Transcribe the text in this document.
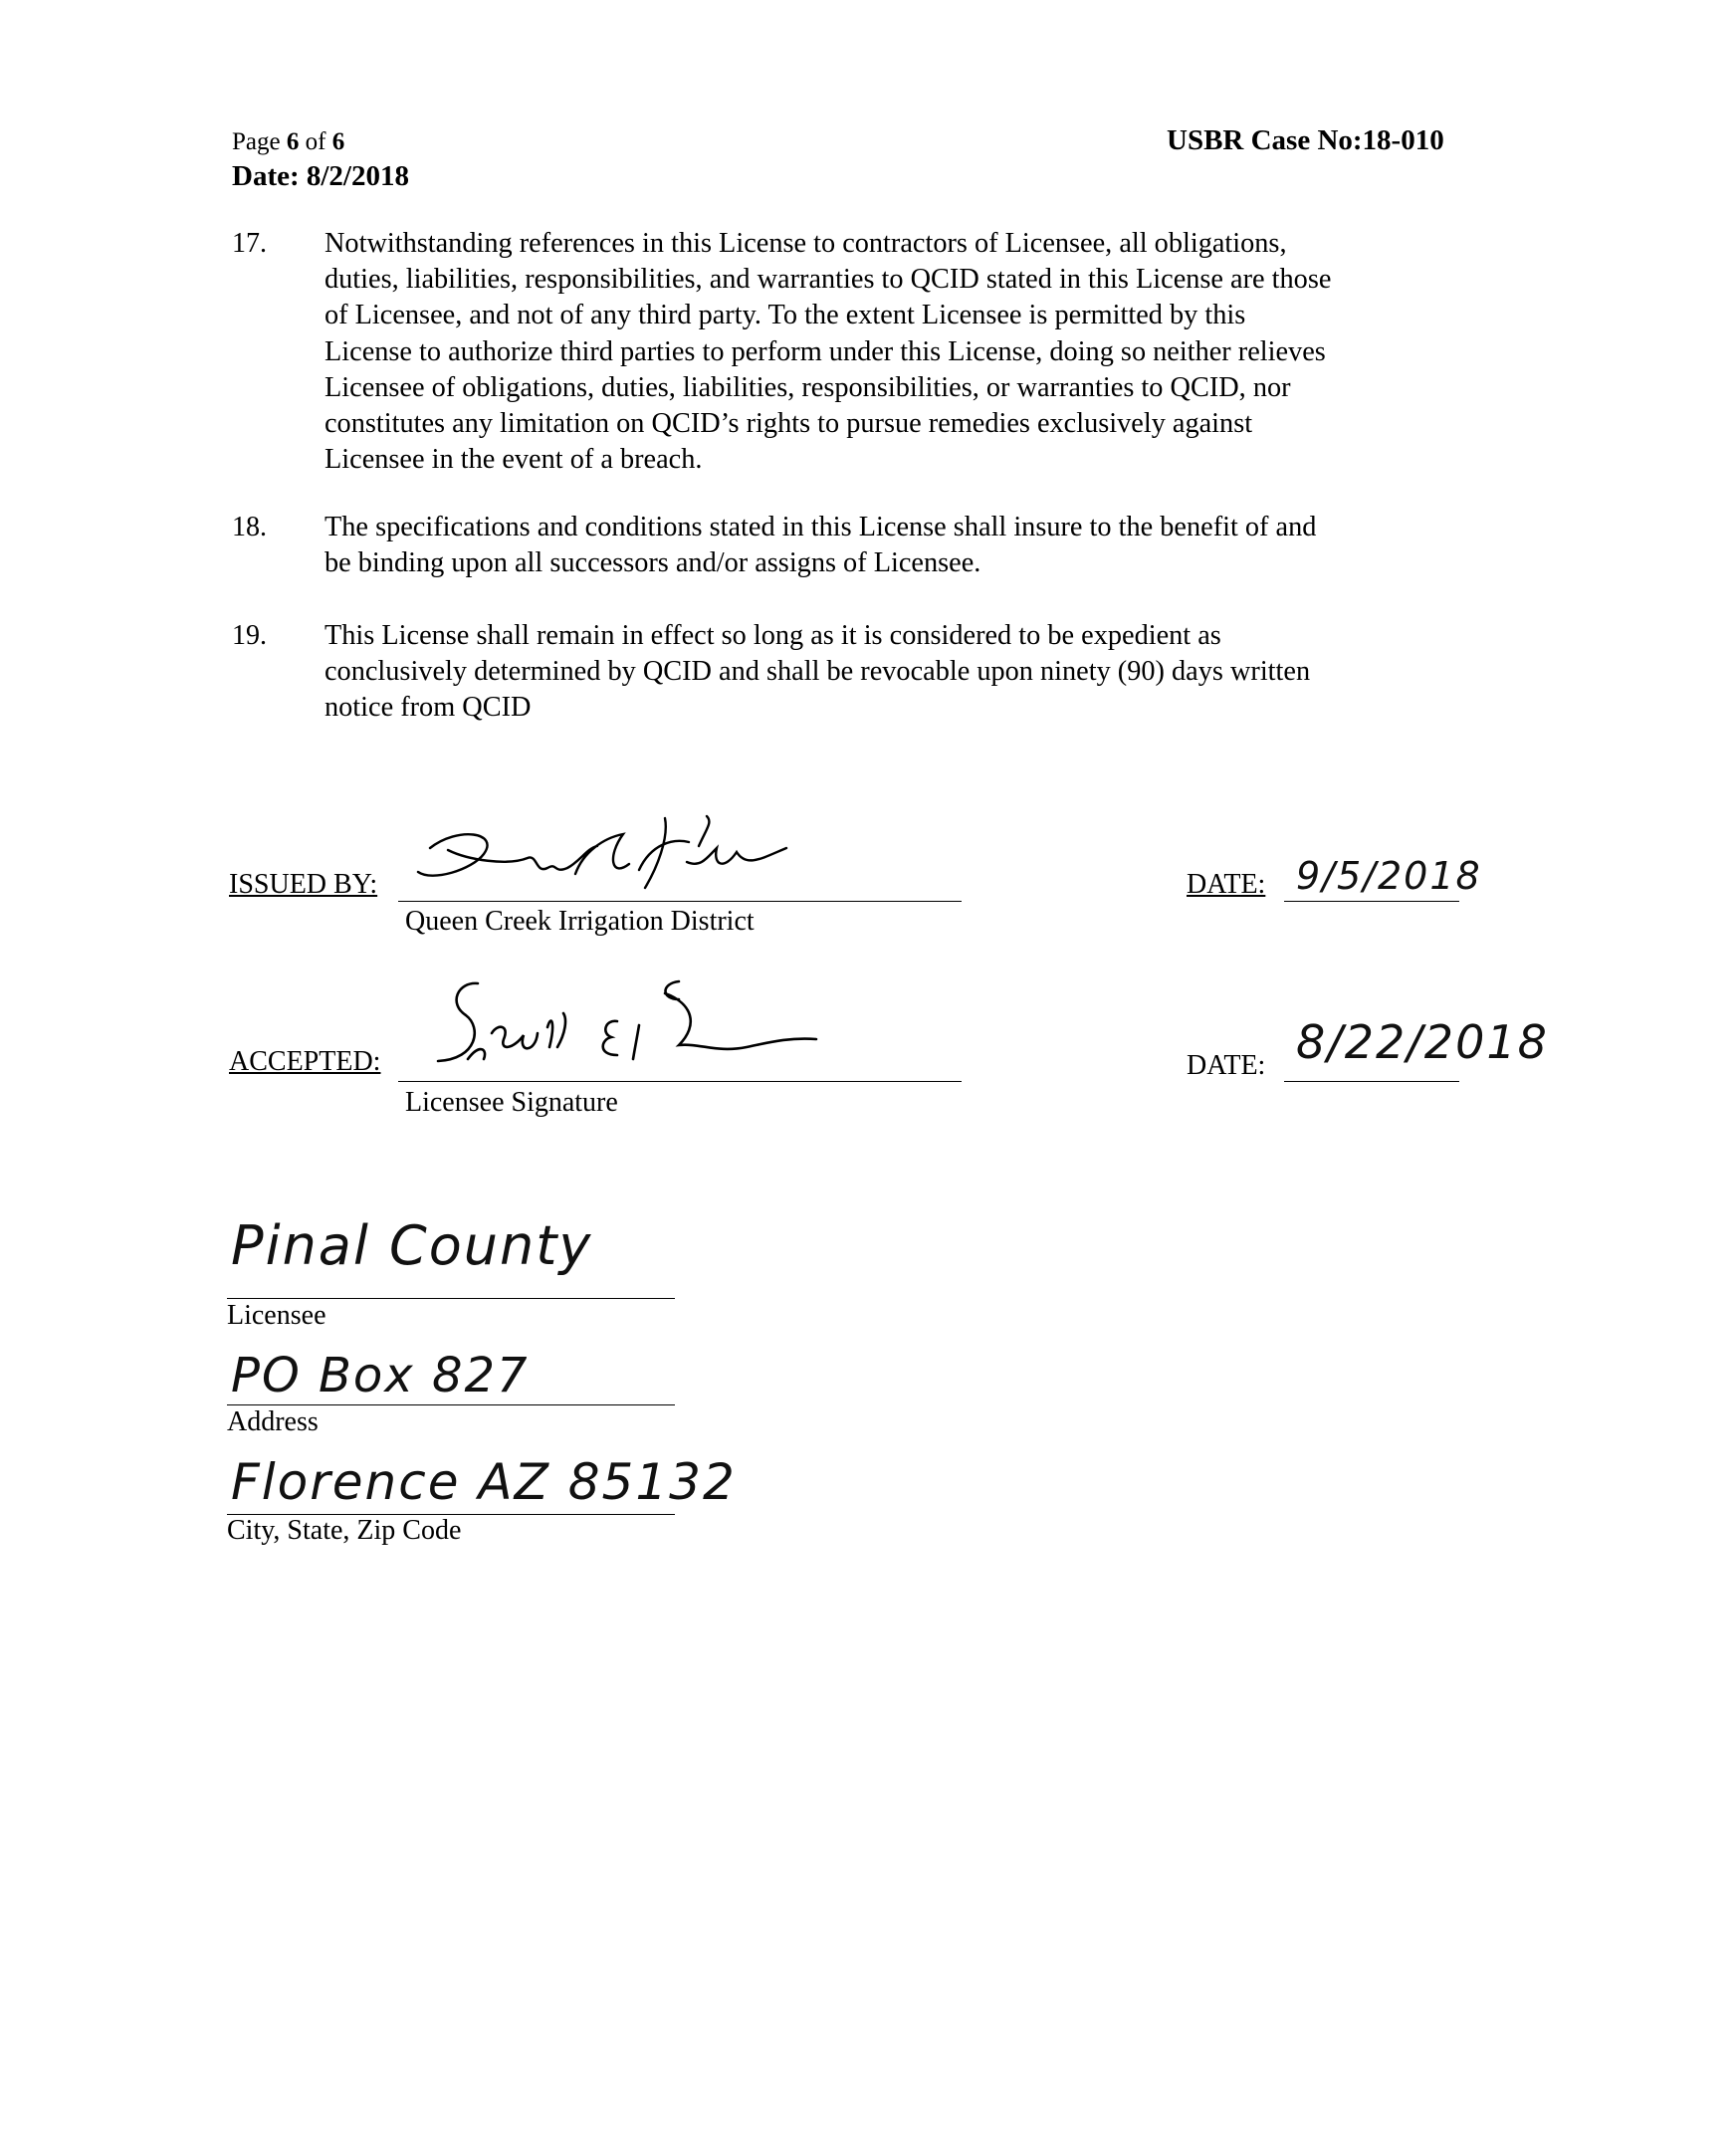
Page 6 of 6
Date: 8/2/2018
USBR Case No:18-010
17. Notwithstanding references in this License to contractors of Licensee, all obligations,
duties, liabilities, responsibilities, and warranties to QCID stated in this License are those
of Licensee, and not of any third party. To the extent Licensee is permitted by this
License to authorize third parties to perform under this License, doing so neither relieves
Licensee of obligations, duties, liabilities, responsibilities, or warranties to QCID, nor
constitutes any limitation on QCID’s rights to pursue remedies exclusively against
Licensee in the event of a breach.
18. The specifications and conditions stated in this License shall insure to the benefit of and
be binding upon all successors and/or assigns of Licensee.
19. This License shall remain in effect so long as it is considered to be expedient as
conclusively determined by QCID and shall be revocable upon ninety (90) days written
notice from QCID
ISSUED BY:
Queen Creek Irrigation District
DATE: 9/5/2018
ACCEPTED:
Licensee Signature
DATE: 8/22/2018
Pinal County
Licensee
PO Box 827
Address
Florence AZ 85132
City, State, Zip Code
